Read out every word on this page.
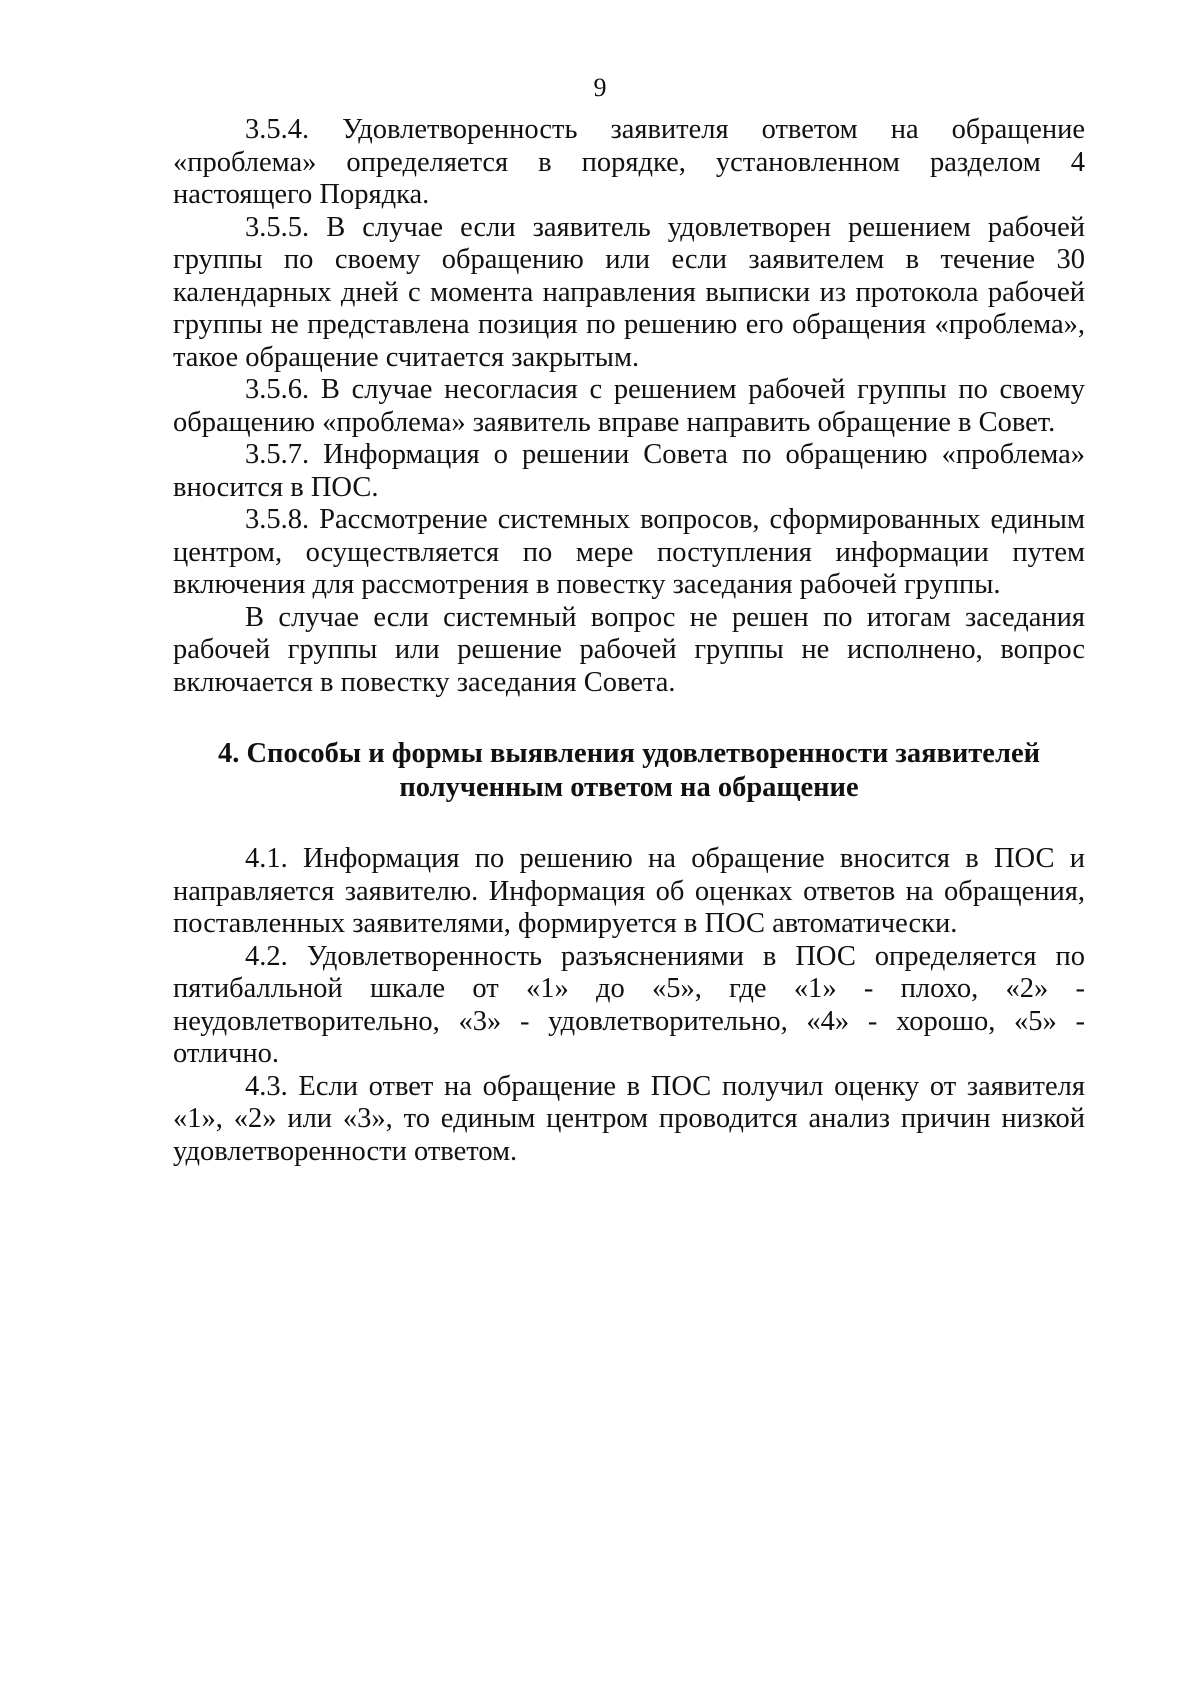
9

3.5.4. Удовлетворенность заявителя ответом на обращение «проблема» определяется в порядке, установленном разделом 4 настоящего Порядка.

3.5.5. В случае если заявитель удовлетворен решением рабочей группы по своему обращению или если заявителем в течение 30 календарных дней с момента направления выписки из протокола рабочей группы не представлена позиция по решению его обращения «проблема», такое обращение считается закрытым.

3.5.6. В случае несогласия с решением рабочей группы по своему обращению «проблема» заявитель вправе направить обращение в Совет.

3.5.7. Информация о решении Совета по обращению «проблема» вносится в ПОС.

3.5.8. Рассмотрение системных вопросов, сформированных единым центром, осуществляется по мере поступления информации путем включения для рассмотрения в повестку заседания рабочей группы.

В случае если системный вопрос не решен по итогам заседания рабочей группы или решение рабочей группы не исполнено, вопрос включается в повестку заседания Совета.

4. Способы и формы выявления удовлетворенности заявителей
полученным ответом на обращение

4.1. Информация по решению на обращение вносится в ПОС и направляется заявителю. Информация об оценках ответов на обращения, поставленных заявителями, формируется в ПОС автоматически.

4.2. Удовлетворенность разъяснениями в ПОС определяется по пятибалльной шкале от «1» до «5», где «1» - плохо, «2» - неудовлетворительно, «3» - удовлетворительно, «4» - хорошо, «5» - отлично.

4.3. Если ответ на обращение в ПОС получил оценку от заявителя «1», «2» или «3», то единым центром проводится анализ причин низкой удовлетворенности ответом.
